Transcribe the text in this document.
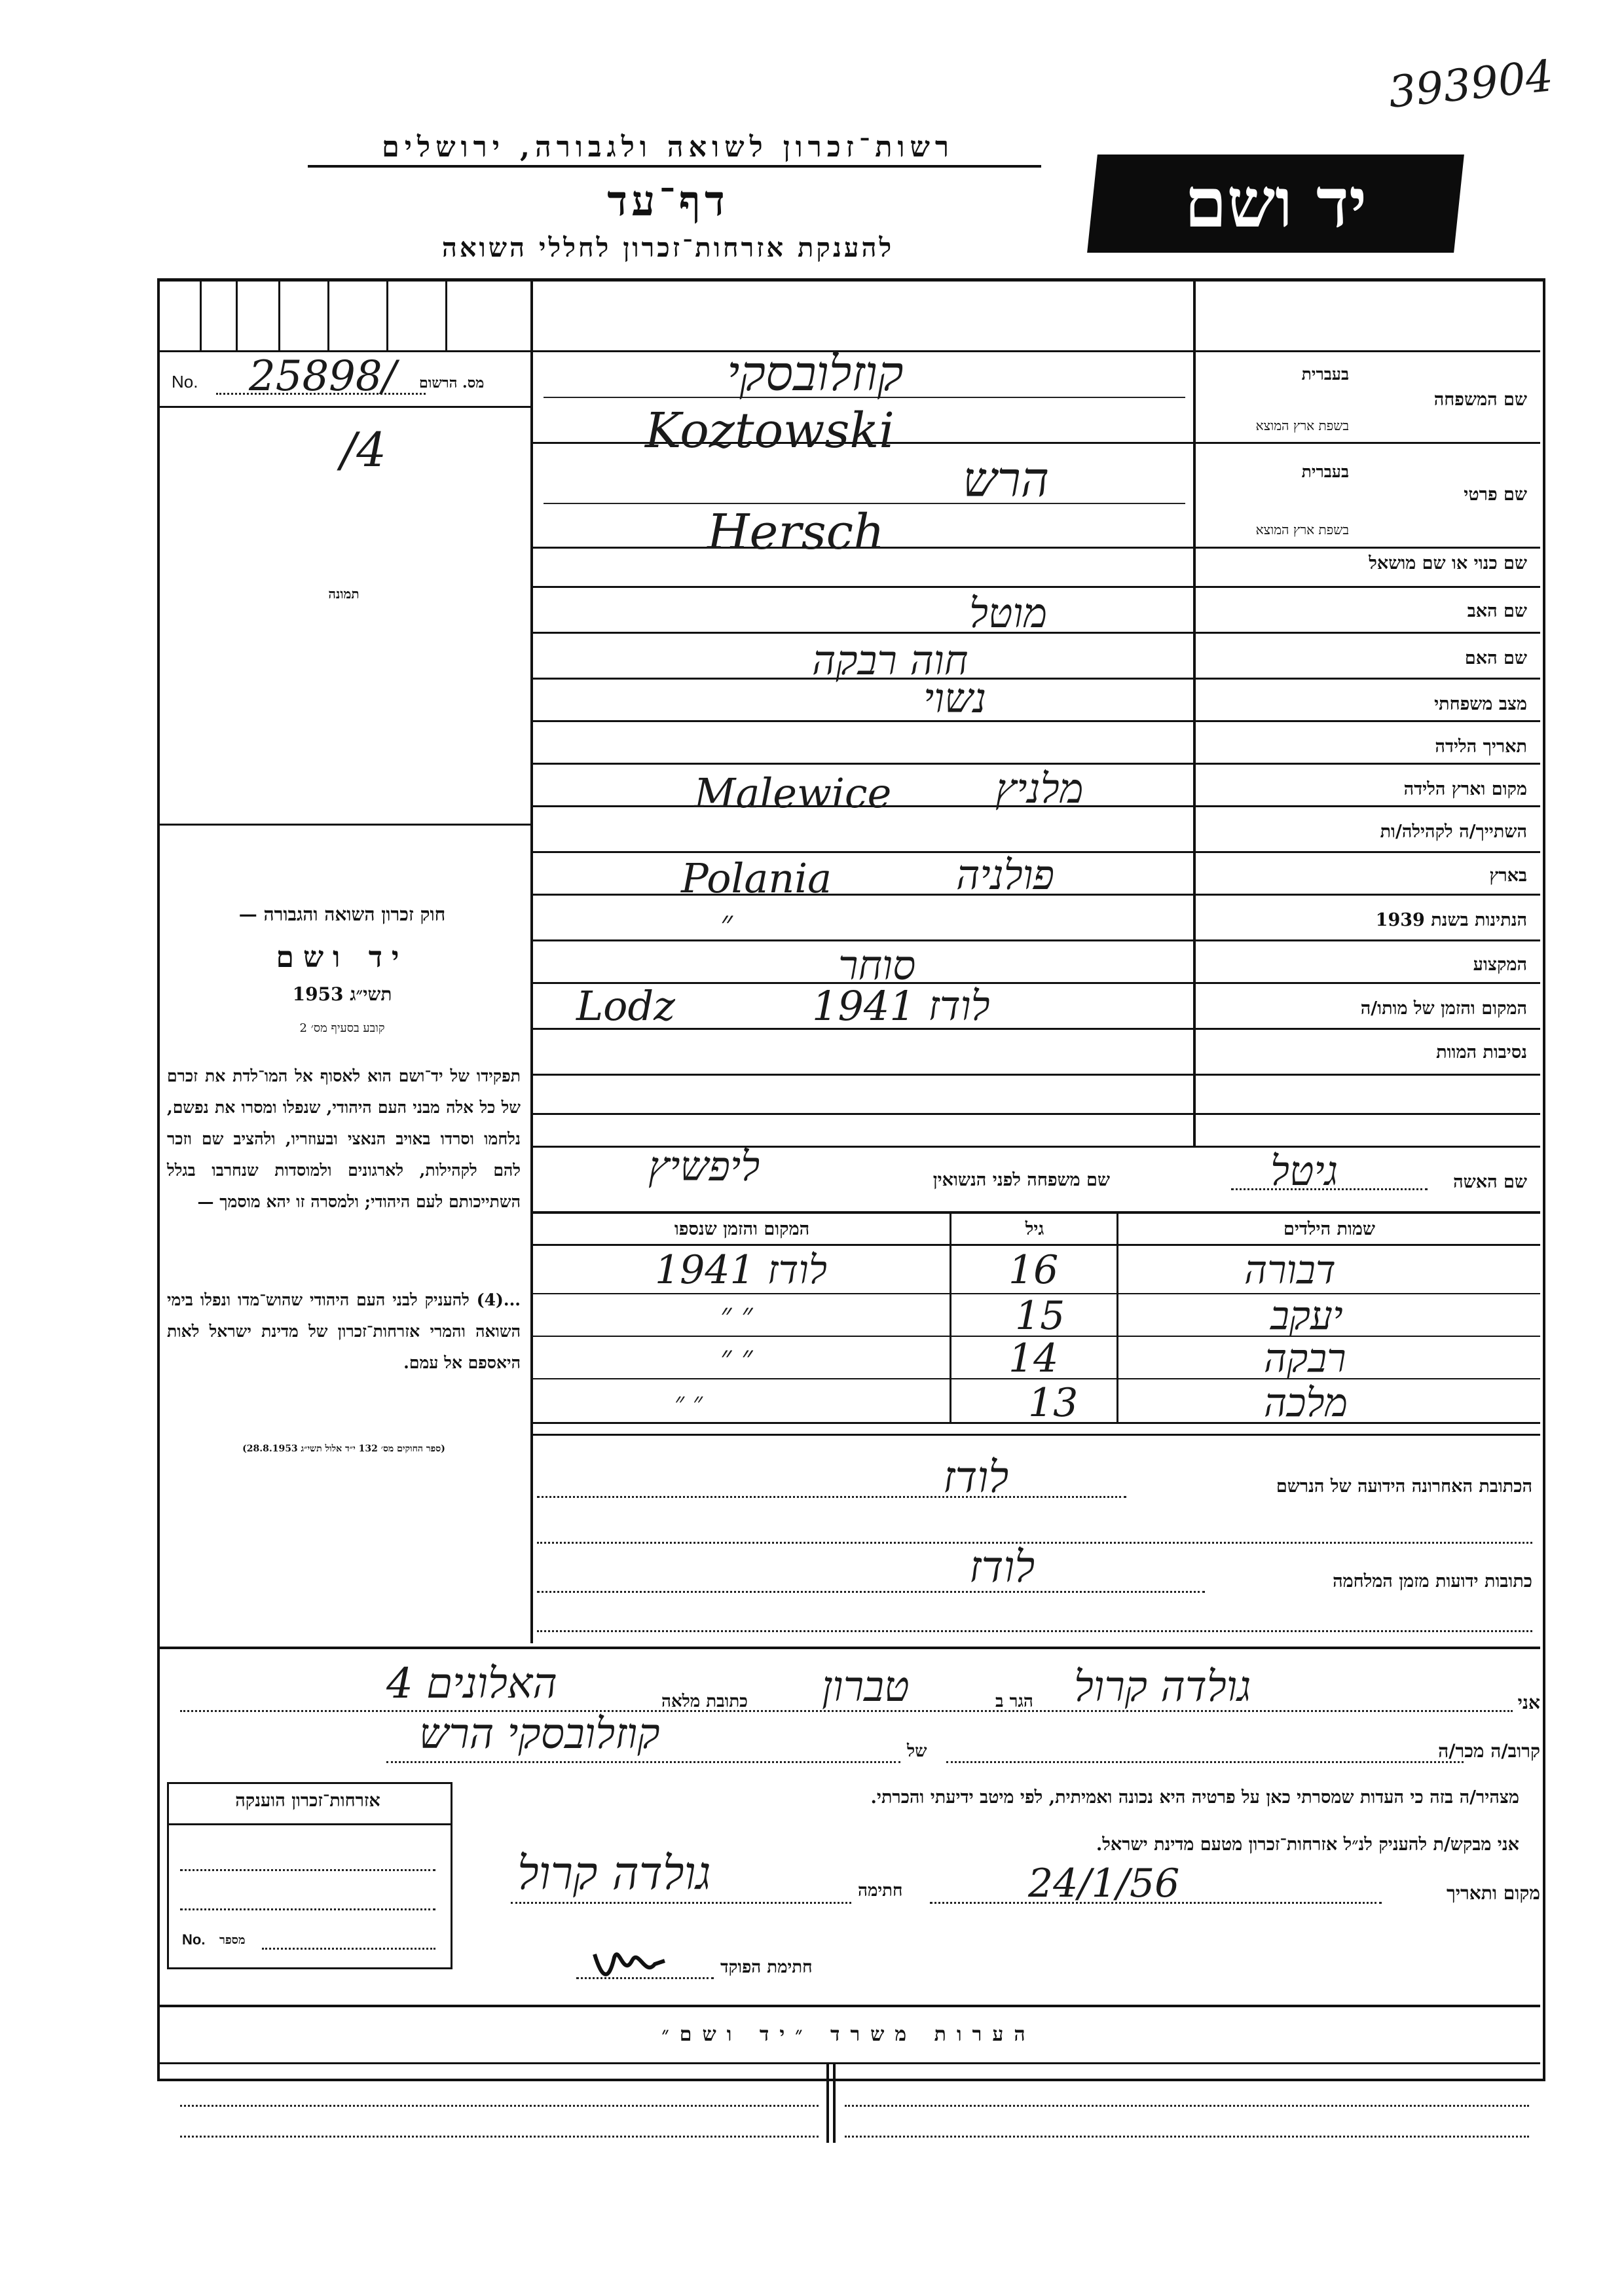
393904
רשות־זכרון לשואה ולגבורה, ירושלים
דף־עד
להענקת אזרחות־זכרון לחללי השואה
יד ושם
No. 25898/ מס. הרשום
/4
תמונה
חוק זכרון השואה והגבורה —
יד ושם
תשי״ג 1953
קובע בסעיף מס׳ 2
תפקידו של יד־ושם הוא לאסוף אל המו־לדת את זכרם של כל אלה מבני העם היהודי, שנפלו ומסרו את נפשם, נלחמו וסרדו באויב הנאצי ובעוזריו, ולהציב שם וזכר להם לקהילות, לארגונים ולמוסדות שנחרבו בגלל השתייכותם לעם היהודי; ולמסרה זו יהא מוסמך —
...(4) להעניק לבני העם היהודי שהוש־מדו ונפלו בימי השואה והמרי אזרחות־זכרון של מדינת ישראל לאות היאספם אל עמם.
(ספר החוקים מס׳ 132 י״ד אלול תשי״ג 28.8.1953)
שם המשפחה
בעברית
בשפת ארץ המוצא
קוזלובסקי
Koztowski
שם פרטי
בעברית
בשפת ארץ המוצא
הרש
Hersch
שם כנוי או שם מושאל
שם האב
מוטל
שם האם
חוה רבקה
מצב משפחתי
נשוי
תאריך הלידה
מקום וארץ הלידה
מלניץ
Malewice
השתייך/ה לקהילה/ות
בארץ
פולניה
Polania
הנתינות בשנת 1939
״
המקצוע
סוחר
המקום והזמן של מותו/ה
לודז 1941
Lodz
נסיבות המוות
שם האשה
גיטל
שם משפחה לפני הנשואין
ליפשיץ
שמות הילדים
גיל
המקום והזמן שנספו
דבורה
16
לודז 1941
יעקב
15
״ ״
רבקה
14
״ ״
מלכה
13
״ ״
הכתובת האחרונה הידועה של הנרשם
לודז
כתובות ידועות מזמן המלחמה
לודז
אני
גולדה קרול
הגר ב
טברון
כתובת מלאה
האלונים 4
קרוב/ה מכר/ה
של
קוזלובסקי הרש
מצהיר/ה בזה כי העדות שמסרתי כאן על פרטיה היא נכונה ואמיתית, לפי מיטב ידיעתי והכרתי.
אני מבקש/ת להעניק לנ״ל אזרחות־זכרון מטעם מדינת ישראל.
מקום ותאריך
24/1/56
חתימה
גולדה קרול
חתימת הפוקד
אזרחות־זכרון הוענקה
No. מספר
הערות משרד ״יד ושם״
